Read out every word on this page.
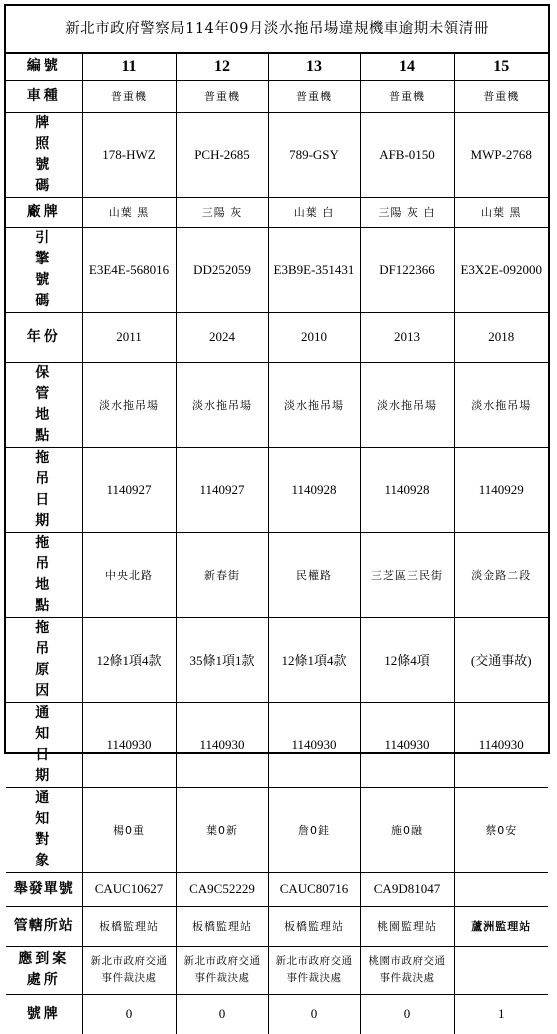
新北市政府警察局114年09月淡水拖吊場違規機車逾期未領清冊
編號	11	12	13	14	15
車種	普重機	普重機	普重機	普重機	普重機
牌照號碼	178-HWZ	PCH-2685	789-GSY	AFB-0150	MWP-2768
廠牌	山葉 黑	三陽 灰	山葉 白	三陽 灰 白	山葉 黑
引擎號碼	E3E4E-568016	DD252059	E3B9E-351431	DF122366	E3X2E-092000
年份	2011	2024	2010	2013	2018
保管地點	淡水拖吊場	淡水拖吊場	淡水拖吊場	淡水拖吊場	淡水拖吊場
拖吊日期	1140927	1140927	1140928	1140928	1140929
拖吊地點	中央北路	新春街	民權路	三芝區三民街	淡金路二段
拖吊原因	12條1項4款	35條1項1款	12條1項4款	12條4項	(交通事故)
通知日期	1140930	1140930	1140930	1140930	1140930
通知對象	楊0重	葉0新	詹0銈	施0融	蔡0安
舉發單號	CAUC10627	CA9C52229	CAUC80716	CA9D81047	
管轄所站	板橋監理站	板橋監理站	板橋監理站	桃園監理站	蘆洲監理站
應到案處所	新北市政府交通事件裁決處	新北市政府交通事件裁決處	新北市政府交通事件裁決處	桃園市政府交通事件裁決處	
號牌	0	0	0	0	1
